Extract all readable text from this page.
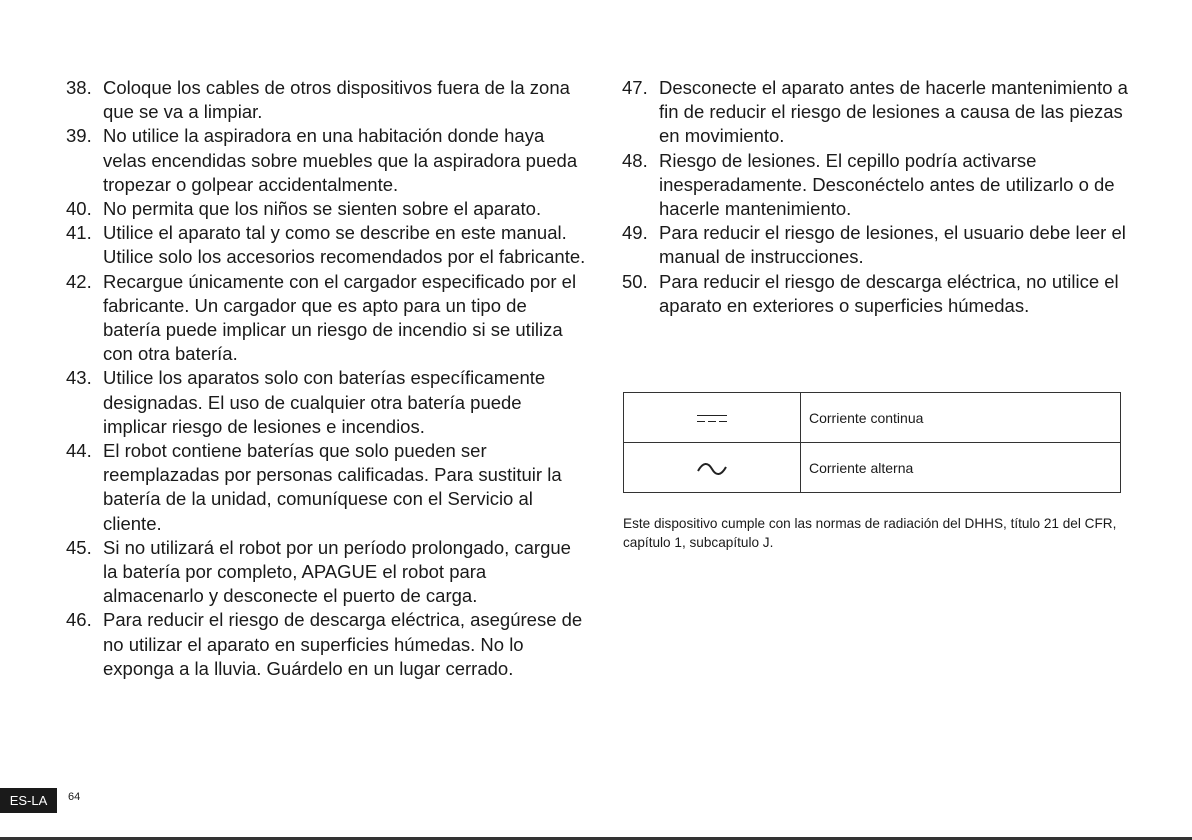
38. Coloque los cables de otros dispositivos fuera de la zona que se va a limpiar.
39. No utilice la aspiradora en una habitación donde haya velas encendidas sobre muebles que la aspiradora pueda tropezar o golpear accidentalmente.
40. No permita que los niños se sienten sobre el aparato.
41. Utilice el aparato tal y como se describe en este manual. Utilice solo los accesorios recomendados por el fabricante.
42. Recargue únicamente con el cargador especificado por el fabricante. Un cargador que es apto para un tipo de batería puede implicar un riesgo de incendio si se utiliza con otra batería.
43. Utilice los aparatos solo con baterías específicamente designadas. El uso de cualquier otra batería puede implicar riesgo de lesiones e incendios.
44. El robot contiene baterías que solo pueden ser reemplazadas por personas calificadas. Para sustituir la batería de la unidad, comuníquese con el Servicio al cliente.
45. Si no utilizará el robot por un período prolongado, cargue la batería por completo, APAGUE el robot para almacenarlo y desconecte el puerto de carga.
46. Para reducir el riesgo de descarga eléctrica, asegúrese de no utilizar el aparato en superficies húmedas. No lo exponga a la lluvia. Guárdelo en un lugar cerrado.
47. Desconecte el aparato antes de hacerle mantenimiento a fin de reducir el riesgo de lesiones a causa de las piezas en movimiento.
48. Riesgo de lesiones. El cepillo podría activarse inesperadamente. Desconéctelo antes de utilizarlo o de hacerle mantenimiento.
49. Para reducir el riesgo de lesiones, el usuario debe leer el manual de instrucciones.
50. Para reducir el riesgo de descarga eléctrica, no utilice el aparato en exteriores o superficies húmedas.
	Corriente continua
	Corriente alterna
Este dispositivo cumple con las normas de radiación del DHHS, título 21 del CFR, capítulo 1, subcapítulo J.
ES-LA	64
